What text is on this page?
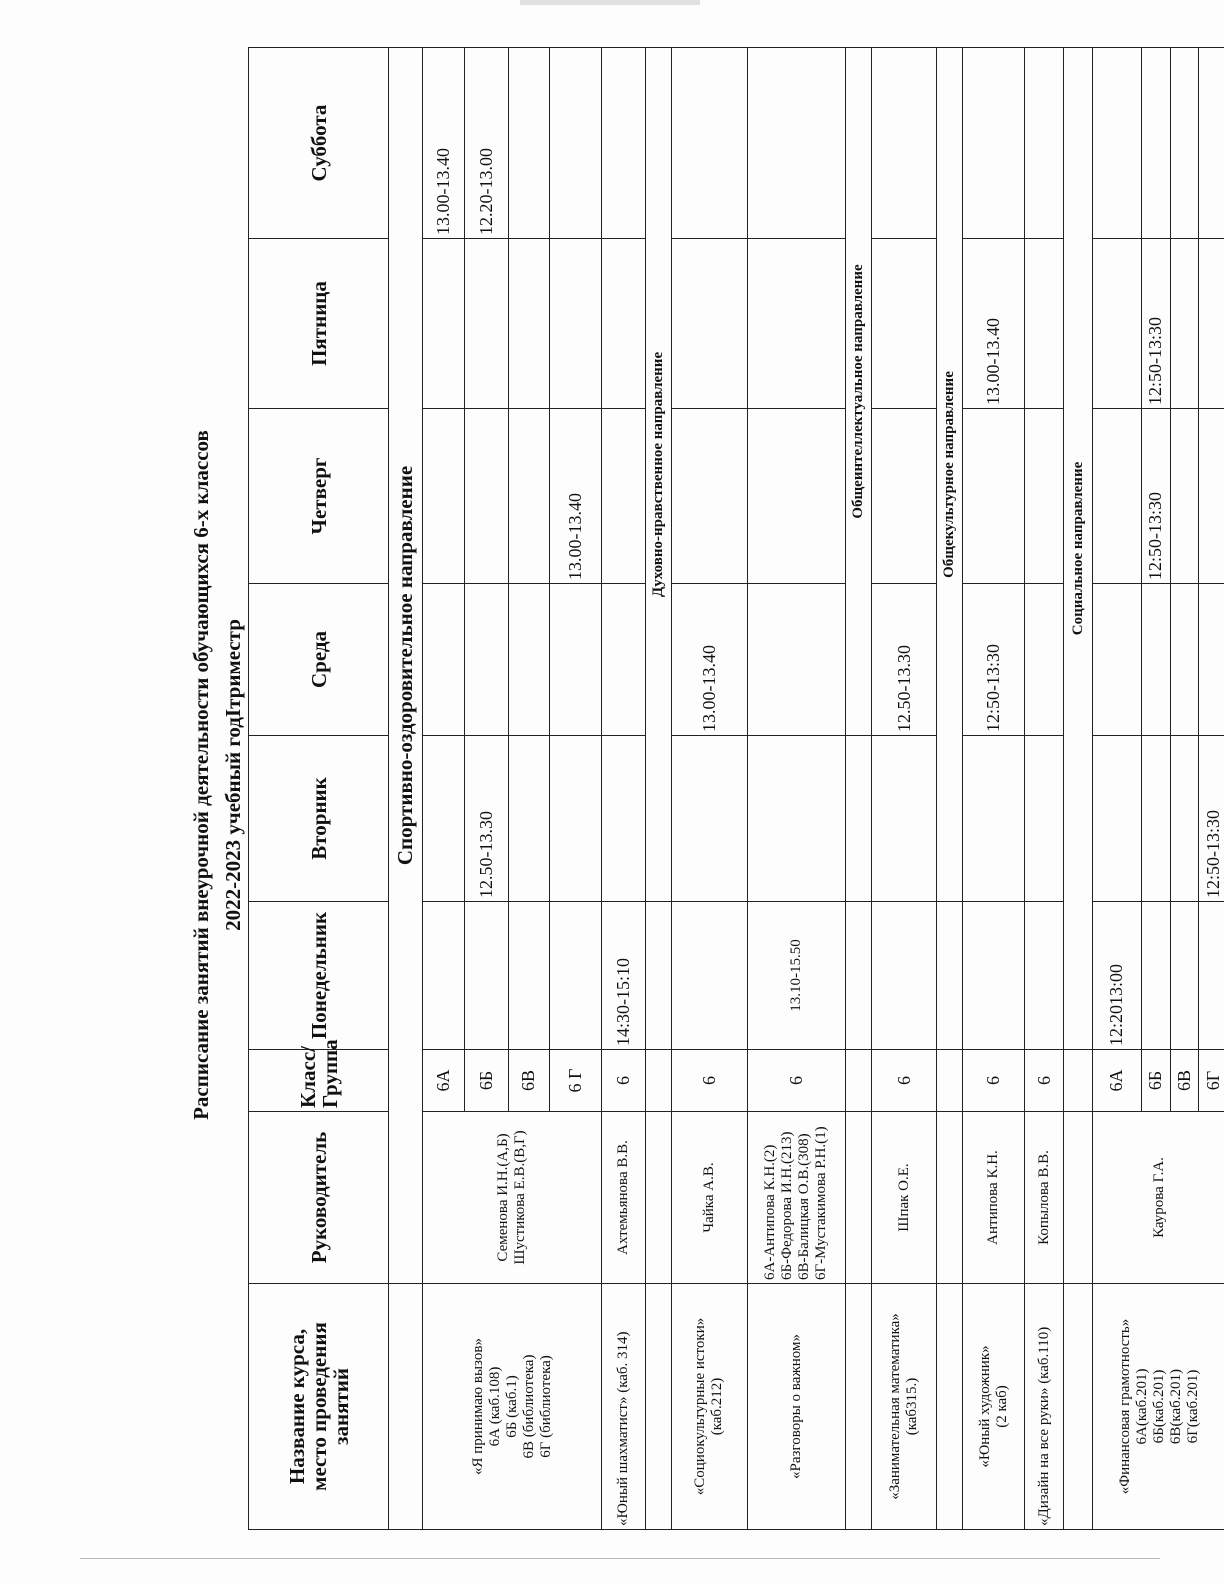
Расписание занятий внеурочной деятельности обучающихся 6-х классов 2022-2023 учебный годIтриместр
Название курса,
место проведения
занятий	Руководитель	Класс/
Группа	Понедельник	Вторник	Среда	Четверг	Пятница	Суббота
	Спортивно-оздоровительное направление							
«Я принимаю вызов»
6А (каб.108)
6Б (каб.1)
6В (библиотека)
6Г (библиотека)	Семенова И.Н.(А,Б)
Шустикова Е.В.(В,Г)	6А						13.00-13.40
		6Б		12.50-13.30				12.20-13.00
		6В						
		6 Г				13.00-13.40		
«Юный шахматист» (каб. 314)	Ахтемьянова В.В.	6	14:30-15:10					
				Духовно-нравственное направление				
«Социокультурные истоки»
(каб.212)	Чайка А.В.	6			13.00-13.40			
«Разговоры о важном»	6А-Антипова К.Н.(2)
6Б-Федорова И.Н.(213)
6В-Балицкая О.В.(308)
6Г-Мустакимова Р.Н.(1)	6	13.10-15.50					
					Общеинтеллектуальное направление			
«Занимательная математика»
(каб315.)	Шпак О.Е.	6			12.50-13.30			
				Общекультурное направление				
«Юный художник»
(2 каб)	Антипова К.Н.	6			12:50-13:30		13.00-13.40	
«Дизайн на все руки» (каб.110)	Копылова В.В.	6						
			Социальное направление					
«Финансовая грамотность»
6А(каб.201)
6Б(каб.201)
6В(каб.201)
6Г(каб.201)	Каурова Г.А.	6А	12:2013:00					
		6Б				12:50-13:30	12:50-13:30	
		6В						
		6Г		12:50-13:30				
